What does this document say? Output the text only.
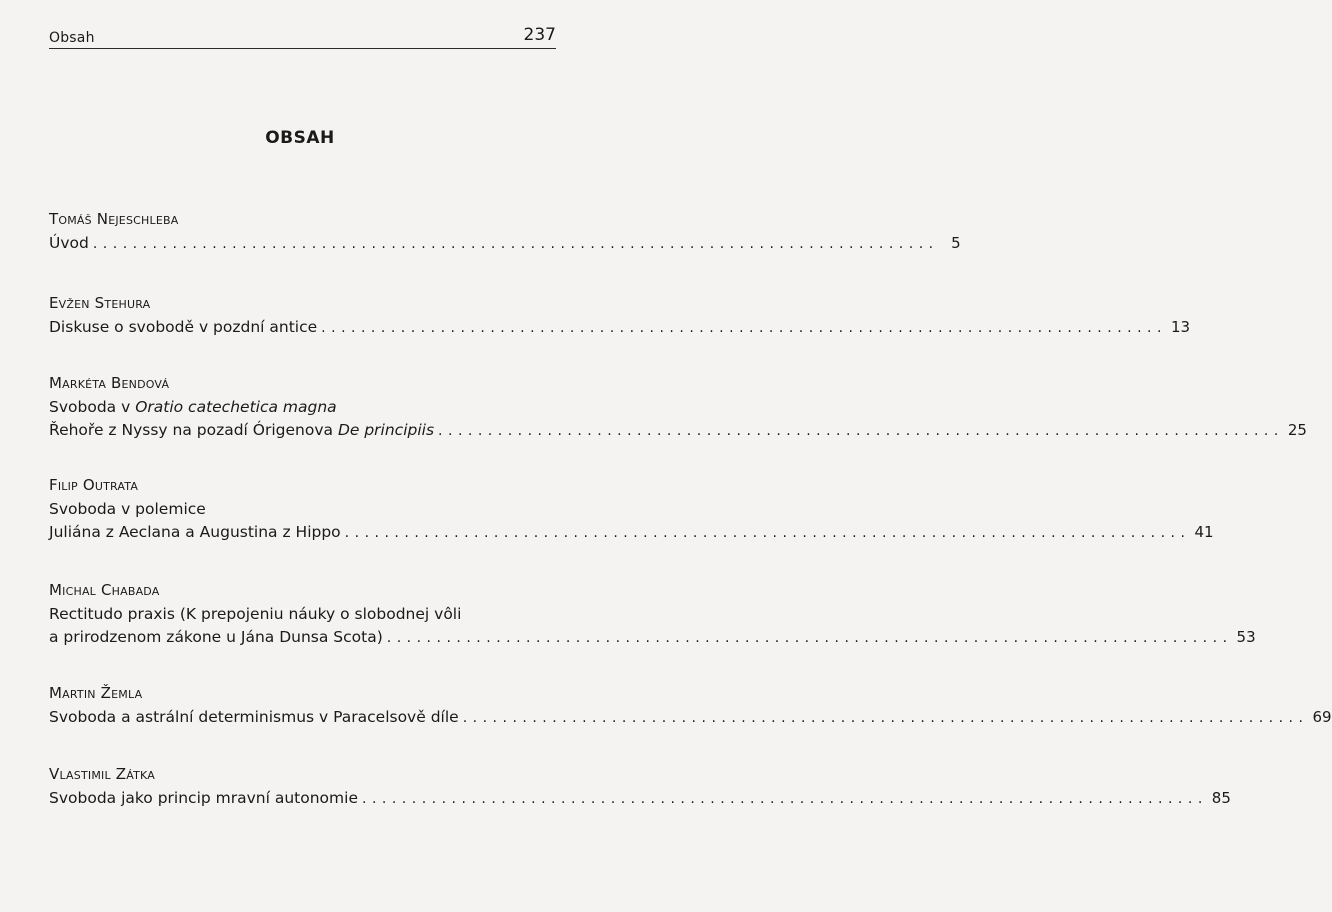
Obsah	237
OBSAH
Tomáš Nejeschleba
Úvod ..................................................................................... 5
Evžen Stehura
Diskuse o svobodě v pozdní antice ..................................................................................... 13
Markéta Bendová
Svoboda v Oratio catechetica magna
Řehoře z Nyssy na pozadí Órigenova De principiis ..................................................................................... 25
Filip Outrata
Svoboda v polemice
Juliána z Aeclana a Augustina z Hippo ..................................................................................... 41
Michal Chabada
Rectitudo praxis (K prepojeniu náuky o slobodnej vôli
a prirodzenom zákone u Jána Dunsa Scota) ..................................................................................... 53
Martin Žemla
Svoboda a astrální determinismus v Paracelsově díle ..................................................................................... 69
Vlastimil Zátka
Svoboda jako princip mravní autonomie ..................................................................................... 85
